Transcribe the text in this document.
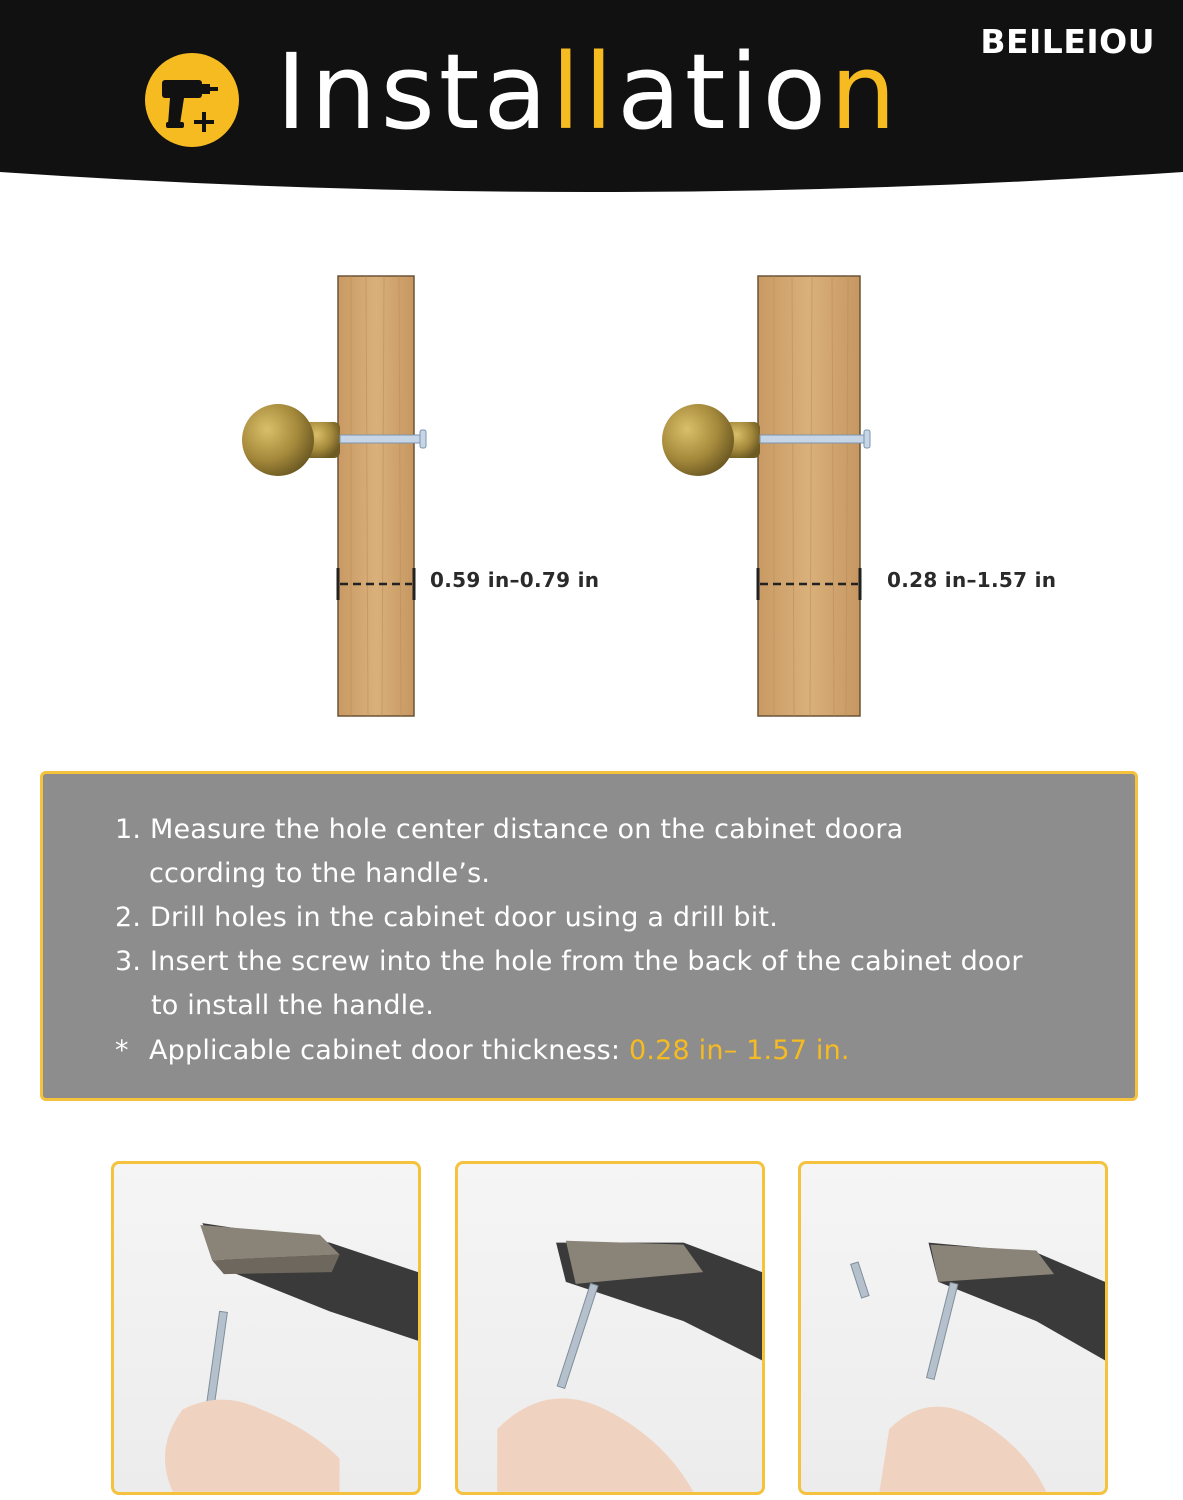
BEILEIOU
Installation
0.59 in–0.79 in	0.28 in–1.57 in
1. Measure the hole center distance on the cabinet doora
ccording to the handle’s.
2. Drill holes in the cabinet door using a drill bit.
3. Insert the screw into the hole from the back of the cabinet door
to install the handle.
* Applicable cabinet door thickness: 0.28 in– 1.57 in.
